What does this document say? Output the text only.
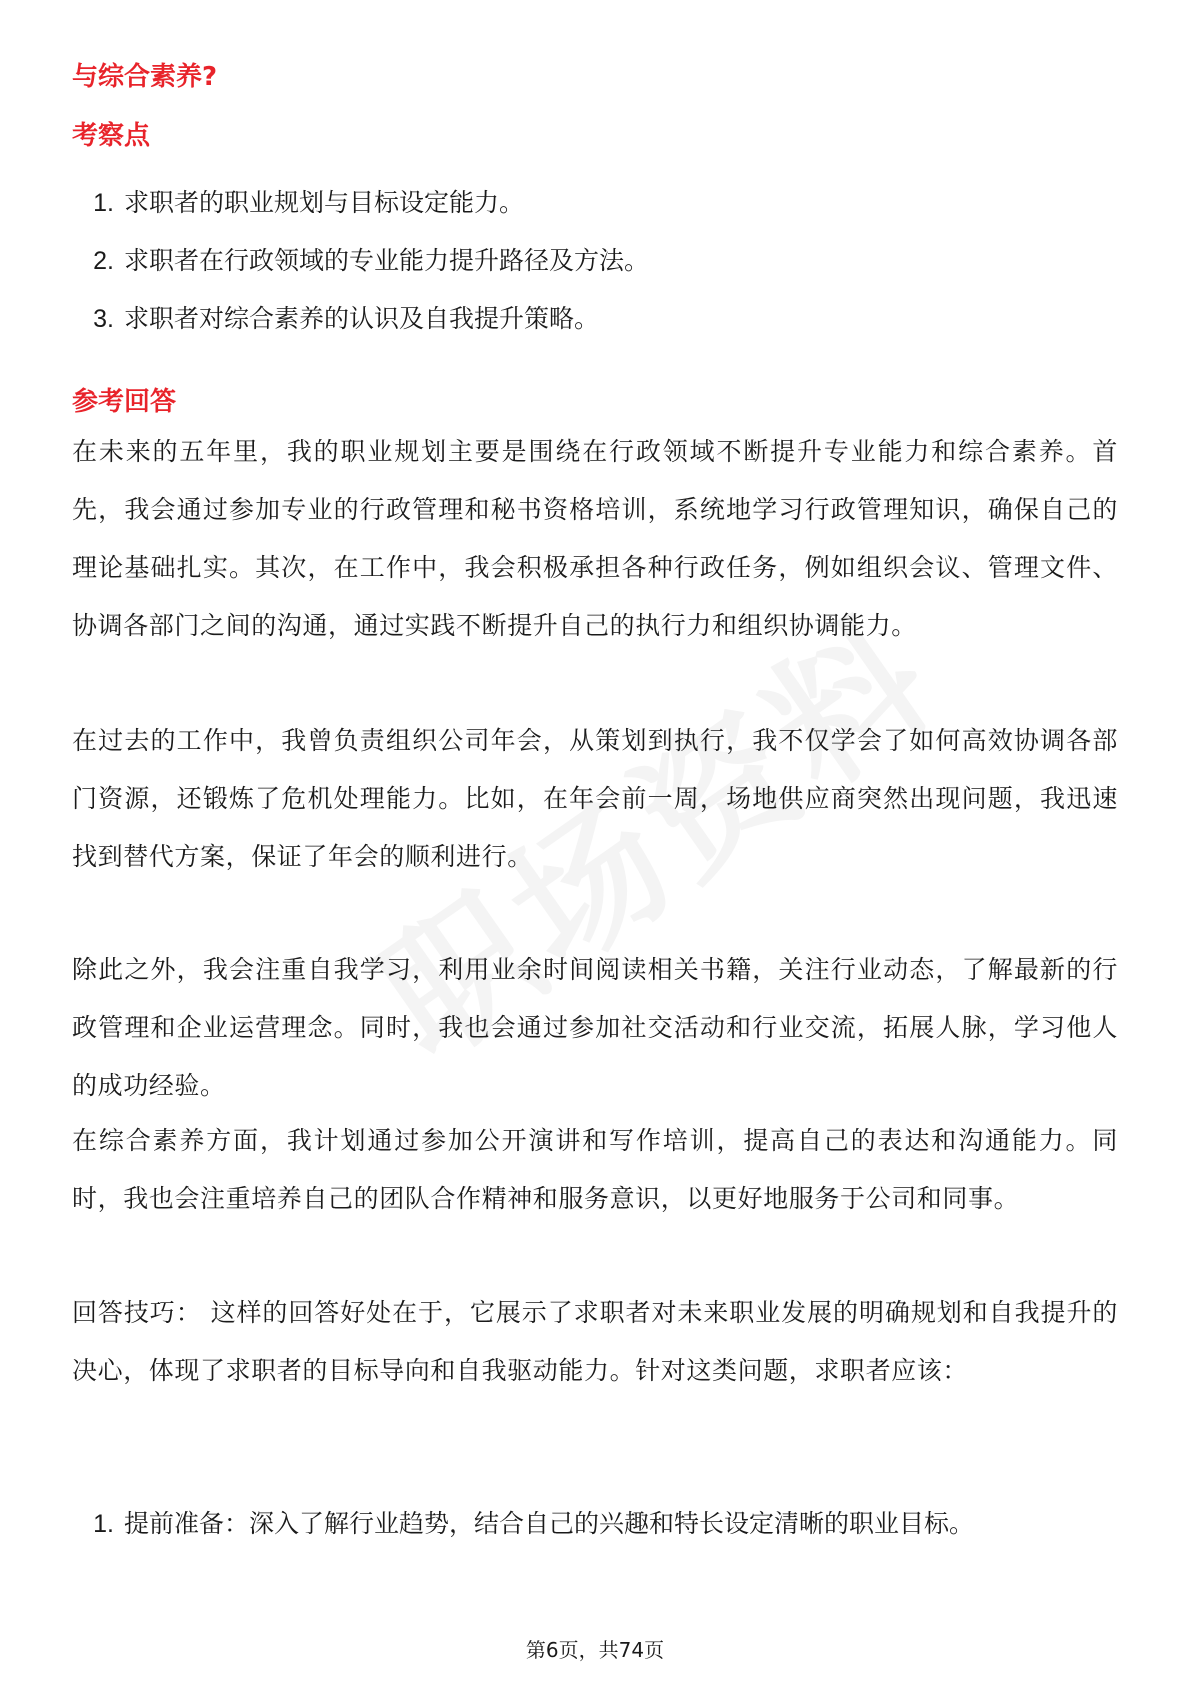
与综合素养?
考察点
1. 求职者的职业规划与目标设定能力。
2. 求职者在行政领域的专业能力提升路径及方法。
3. 求职者对综合素养的认识及自我提升策略。
参考回答

在未来的五年里，我的职业规划主要是围绕在行政领域不断提升专业能力和综合素养。首先，我会通过参加专业的行政管理和秘书资格培训，系统地学习行政管理知识，确保自己的理论基础扎实。其次，在工作中，我会积极承担各种行政任务，例如组织会议、管理文件、协调各部门之间的沟通，通过实践不断提升自己的执行力和组织协调能力。

在过去的工作中，我曾负责组织公司年会，从策划到执行，我不仅学会了如何高效协调各部门资源，还锻炼了危机处理能力。比如，在年会前一周，场地供应商突然出现问题，我迅速找到替代方案，保证了年会的顺利进行。

除此之外，我会注重自我学习，利用业余时间阅读相关书籍，关注行业动态，了解最新的行政管理和企业运营理念。同时，我也会通过参加社交活动和行业交流，拓展人脉，学习他人的成功经验。

在综合素养方面，我计划通过参加公开演讲和写作培训，提高自己的表达和沟通能力。同时，我也会注重培养自己的团队合作精神和服务意识，以更好地服务于公司和同事。

回答技巧： 这样的回答好处在于，它展示了求职者对未来职业发展的明确规划和自我提升的决心，体现了求职者的目标导向和自我驱动能力。针对这类问题，求职者应该：

1. 提前准备：深入了解行业趋势，结合自己的兴趣和特长设定清晰的职业目标。
第6页，共74页
